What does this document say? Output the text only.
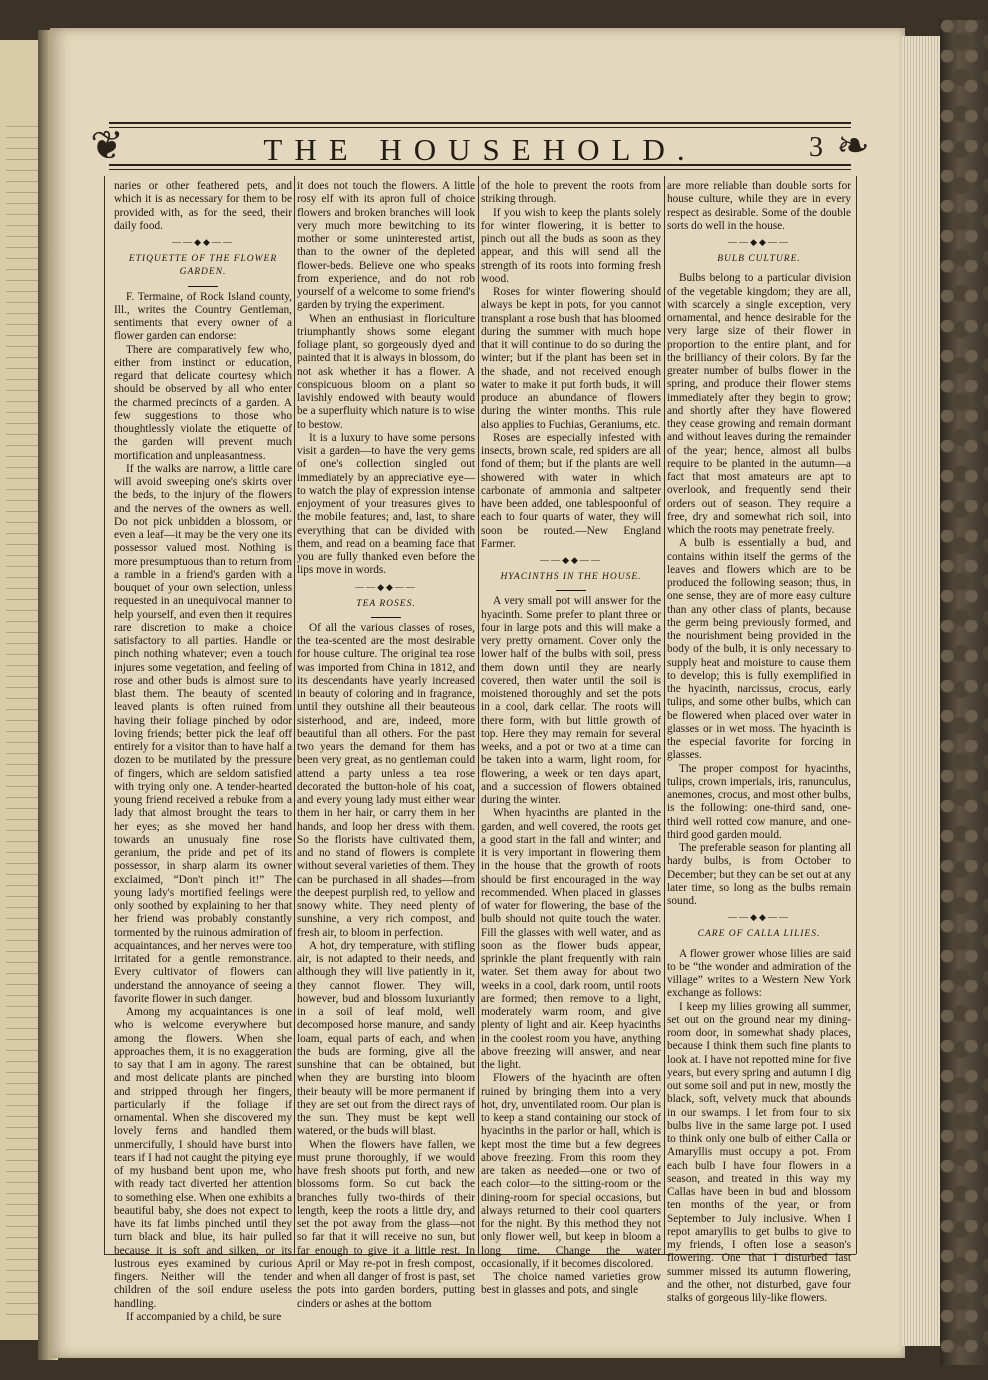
❦	❧
THE HOUSEHOLD.	3

naries or other feathered pets, and which it is as necessary for them to be provided with, as for the seed, their daily food.

——◆◆——
ETIQUETTE OF THE FLOWER GARDEN.

F. Termaine, of Rock Island county, Ill., writes the Country Gentleman, sentiments that every owner of a flower garden can endorse:

There are comparatively few who, either from instinct or education, regard that delicate courtesy which should be observed by all who enter the charmed precincts of a garden. A few suggestions to those who thoughtlessly violate the etiquette of the garden will prevent much mortification and unpleasantness.

If the walks are narrow, a little care will avoid sweeping one's skirts over the beds, to the injury of the flowers and the nerves of the owners as well. Do not pick unbidden a blossom, or even a leaf—it may be the very one its possessor valued most. Nothing is more presumptuous than to return from a ramble in a friend's garden with a bouquet of your own selection, unless requested in an unequivocal manner to help yourself, and even then it requires rare discretion to make a choice satisfactory to all parties. Handle or pinch nothing whatever; even a touch injures some vegetation, and feeling of rose and other buds is almost sure to blast them. The beauty of scented leaved plants is often ruined from having their foliage pinched by odor loving friends; better pick the leaf off entirely for a visitor than to have half a dozen to be mutilated by the pressure of fingers, which are seldom satisfied with trying only one. A tender-hearted young friend received a rebuke from a lady that almost brought the tears to her eyes; as she moved her hand towards an unusualy fine rose geranium, the pride and pet of its possessor, in sharp alarm its owner exclaimed, “Don't pinch it!” The young lady's mortified feelings were only soothed by explaining to her that her friend was probably constantly tormented by the ruinous admiration of acquaintances, and her nerves were too irritated for a gentle remonstrance. Every cultivator of flowers can understand the annoyance of seeing a favorite flower in such danger.

Among my acquaintances is one who is welcome everywhere but among the flowers. When she approaches them, it is no exaggeration to say that I am in agony. The rarest and most delicate plants are pinched and stripped through her fingers, particularly if the foliage if ornamental. When she discovered my lovely ferns and handled them unmercifully, I should have burst into tears if I had not caught the pitying eye of my husband bent upon me, who with ready tact diverted her attention to something else. When one exhibits a beautiful baby, she does not expect to have its fat limbs pinched until they turn black and blue, its hair pulled because it is soft and silken, or its lustrous eyes examined by curious fingers. Neither will the tender children of the soil endure useless handling.

If accompanied by a child, be sure

it does not touch the flowers. A little rosy elf with its apron full of choice flowers and broken branches will look very much more bewitching to its mother or some uninterested artist, than to the owner of the depleted flower-beds. Believe one who speaks from experience, and do not rob yourself of a welcome to some friend's garden by trying the experiment.

When an enthusiast in floriculture triumphantly shows some elegant foliage plant, so gorgeously dyed and painted that it is always in blossom, do not ask whether it has a flower. A conspicuous bloom on a plant so lavishly endowed with beauty would be a superfluity which nature is to wise to bestow.

It is a luxury to have some persons visit a garden—to have the very gems of one's collection singled out immediately by an appreciative eye—to watch the play of expression intense enjoyment of your treasures gives to the mobile features; and, last, to share everything that can be divided with them, and read on a beaming face that you are fully thanked even before the lips move in words.

——◆◆——
TEA ROSES.

Of all the various classes of roses, the tea-scented are the most desirable for house culture. The original tea rose was imported from China in 1812, and its descendants have yearly increased in beauty of coloring and in fragrance, until they outshine all their beauteous sisterhood, and are, indeed, more beautiful than all others. For the past two years the demand for them has been very great, as no gentleman could attend a party unless a tea rose decorated the button-hole of his coat, and every young lady must either wear them in her hair, or carry them in her hands, and loop her dress with them. So the florists have cultivated them, and no stand of flowers is complete without several varieties of them. They can be purchased in all shades—from the deepest purplish red, to yellow and snowy white. They need plenty of sunshine, a very rich compost, and fresh air, to bloom in perfection.

A hot, dry temperature, with stifling air, is not adapted to their needs, and although they will live patiently in it, they cannot flower. They will, however, bud and blossom luxuriantly in a soil of leaf mold, well decomposed horse manure, and sandy loam, equal parts of each, and when the buds are forming, give all the sunshine that can be obtained, but when they are bursting into bloom their beauty will be more permanent if they are set out from the direct rays of the sun. They must be kept well watered, or the buds will blast.

When the flowers have fallen, we must prune thoroughly, if we would have fresh shoots put forth, and new blossoms form. So cut back the branches fully two-thirds of their length, keep the roots a little dry, and set the pot away from the glass—not so far that it will receive no sun, but far enough to give it a little rest. In April or May re-pot in fresh compost, and when all danger of frost is past, set the pots into garden borders, putting cinders or ashes at the bottom

of the hole to prevent the roots from striking through.

If you wish to keep the plants solely for winter flowering, it is better to pinch out all the buds as soon as they appear, and this will send all the strength of its roots into forming fresh wood.

Roses for winter flowering should always be kept in pots, for you cannot transplant a rose bush that has bloomed during the summer with much hope that it will continue to do so during the winter; but if the plant has been set in the shade, and not received enough water to make it put forth buds, it will produce an abundance of flowers during the winter months. This rule also applies to Fuchias, Geraniums, etc.

Roses are especially infested with insects, brown scale, red spiders are all fond of them; but if the plants are well showered with water in which carbonate of ammonia and saltpeter have been added, one tablespoonful of each to four quarts of water, they will soon be routed.—New England Farmer.

——◆◆——
HYACINTHS IN THE HOUSE.

A very small pot will answer for the hyacinth. Some prefer to plant three or four in large pots and this will make a very pretty ornament. Cover only the lower half of the bulbs with soil, press them down until they are nearly covered, then water until the soil is moistened thoroughly and set the pots in a cool, dark cellar. The roots will there form, with but little growth of top. Here they may remain for several weeks, and a pot or two at a time can be taken into a warm, light room, for flowering, a week or ten days apart, and a succession of flowers obtained during the winter.

When hyacinths are planted in the garden, and well covered, the roots get a good start in the fall and winter; and it is very important in flowering them in the house that the growth of roots should be first encouraged in the way recommended. When placed in glasses of water for flowering, the base of the bulb should not quite touch the water. Fill the glasses with well water, and as soon as the flower buds appear, sprinkle the plant frequently with rain water. Set them away for about two weeks in a cool, dark room, until roots are formed; then remove to a light, moderately warm room, and give plenty of light and air. Keep hyacinths in the coolest room you have, anything above freezing will answer, and near the light.

Flowers of the hyacinth are often ruined by bringing them into a very hot, dry, unventilated room. Our plan is to keep a stand containing our stock of hyacinths in the parlor or hall, which is kept most the time but a few degrees above freezing. From this room they are taken as needed—one or two of each color—to the sitting-room or the dining-room for special occasions, but always returned to their cool quarters for the night. By this method they not only flower well, but keep in bloom a long time. Change the water occasionally, if it becomes discolored.

The choice named varieties grow best in glasses and pots, and single

are more reliable than double sorts for house culture, while they are in every respect as desirable. Some of the double sorts do well in the house.

——◆◆——
BULB CULTURE.

Bulbs belong to a particular division of the vegetable kingdom; they are all, with scarcely a single exception, very ornamental, and hence desirable for the very large size of their flower in proportion to the entire plant, and for the brilliancy of their colors. By far the greater number of bulbs flower in the spring, and produce their flower stems immediately after they begin to grow; and shortly after they have flowered they cease growing and remain dormant and without leaves during the remainder of the year; hence, almost all bulbs require to be planted in the autumn—a fact that most amateurs are apt to overlook, and frequently send their orders out of season. They require a free, dry and somewhat rich soil, into which the roots may penetrate freely.

A bulb is essentially a bud, and contains within itself the germs of the leaves and flowers which are to be produced the following season; thus, in one sense, they are of more easy culture than any other class of plants, because the germ being previously formed, and the nourishment being provided in the body of the bulb, it is only necessary to supply heat and moisture to cause them to develop; this is fully exemplified in the hyacinth, narcissus, crocus, early tulips, and some other bulbs, which can be flowered when placed over water in glasses or in wet moss. The hyacinth is the especial favorite for forcing in glasses.

The proper compost for hyacinths, tulips, crown imperials, iris, ranunculus, anemones, crocus, and most other bulbs, is the following: one-third sand, one-third well rotted cow manure, and one-third good garden mould.

The preferable season for planting all hardy bulbs, is from October to December; but they can be set out at any later time, so long as the bulbs remain sound.

——◆◆——
CARE OF CALLA LILIES.

A flower grower whose lilies are said to be “the wonder and admiration of the village” writes to a Western New York exchange as follows:

I keep my lilies growing all summer, set out on the ground near my dining-room door, in somewhat shady places, because I think them such fine plants to look at. I have not repotted mine for five years, but every spring and autumn I dig out some soil and put in new, mostly the black, soft, velvety muck that abounds in our swamps. I let from four to six bulbs live in the same large pot. I used to think only one bulb of either Calla or Amaryllis must occupy a pot. From each bulb I have four flowers in a season, and treated in this way my Callas have been in bud and blossom ten months of the year, or from September to July inclusive. When I repot amaryllis to get bulbs to give to my friends, I often lose a season's flowering. One that I disturbed last summer missed its autumn flowering, and the other, not disturbed, gave four stalks of gorgeous lily-like flowers.
